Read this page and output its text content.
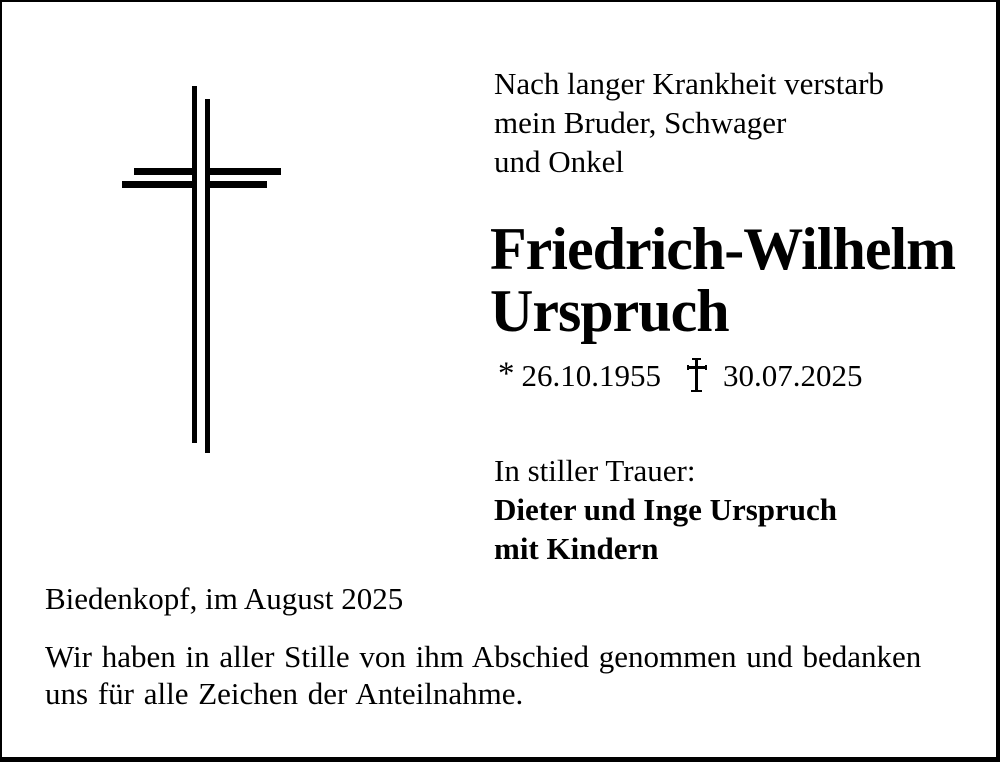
Nach langer Krankheit verstarb
mein Bruder, Schwager
und Onkel
Friedrich-Wilhelm
Urspruch
* 26.10.1955 30.07.2025
In stiller Trauer:
Dieter und Inge Urspruch
mit Kindern
Biedenkopf, im August 2025

Wir haben in aller Stille von ihm Abschied genommen und bedanken
uns für alle Zeichen der Anteilnahme.
